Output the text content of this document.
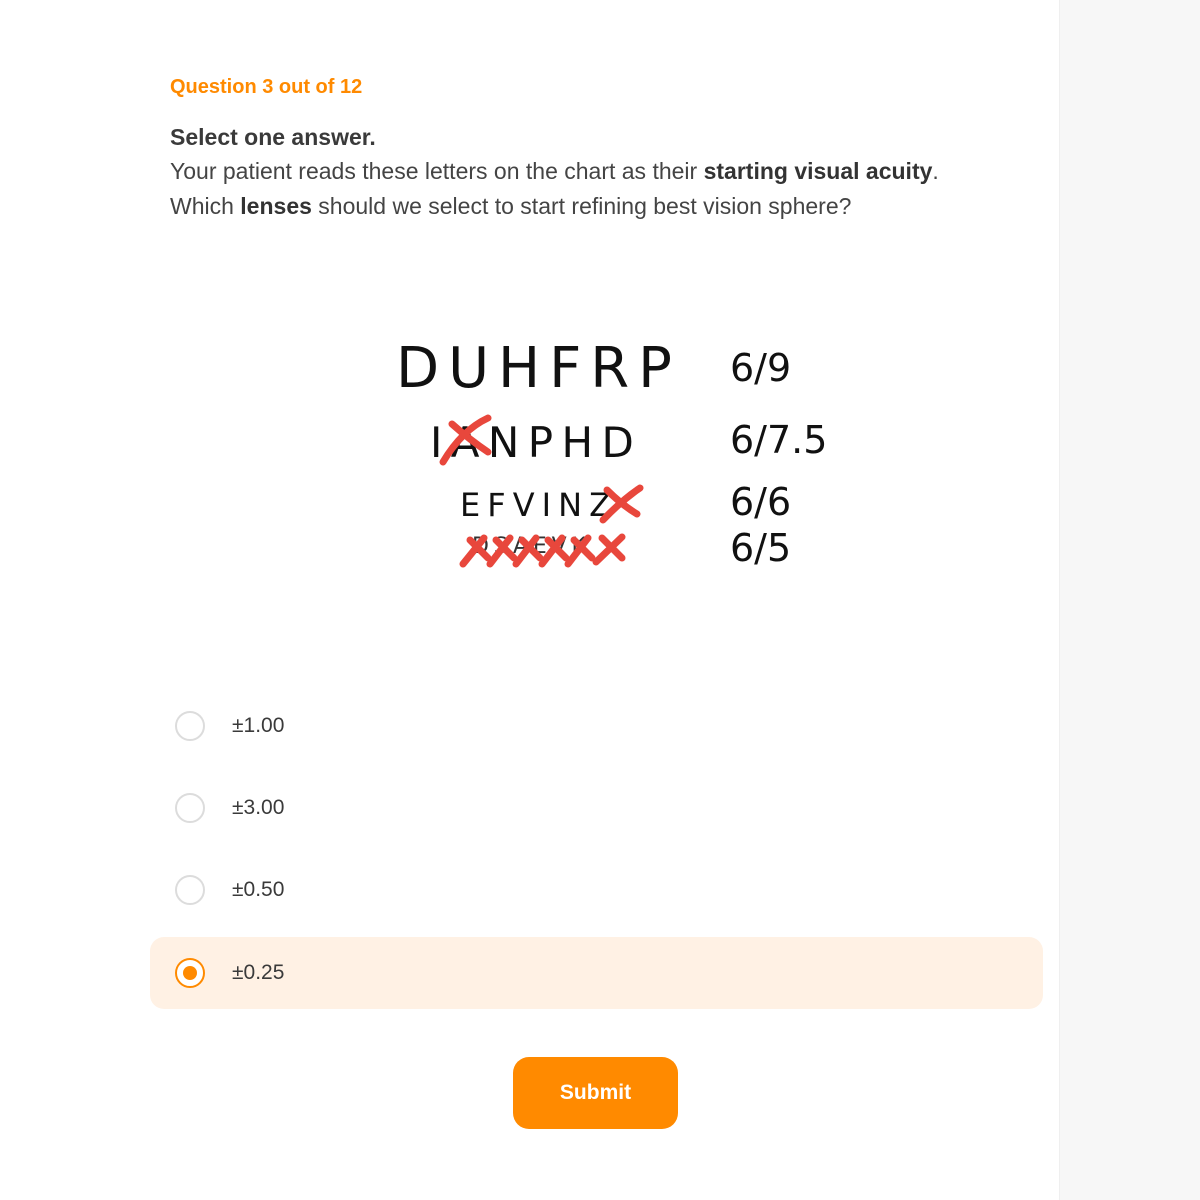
Question 3 out of 12
Select one answer.
Your patient reads these letters on the chart as their starting visual acuity.
Which lenses should we select to start refining best vision sphere?
DUHFRP
IANPHD
EFVINZ
DSAEVK
6/9
6/7.5
6/6
6/5
±1.00
±3.00
±0.50
±0.25
Submit
